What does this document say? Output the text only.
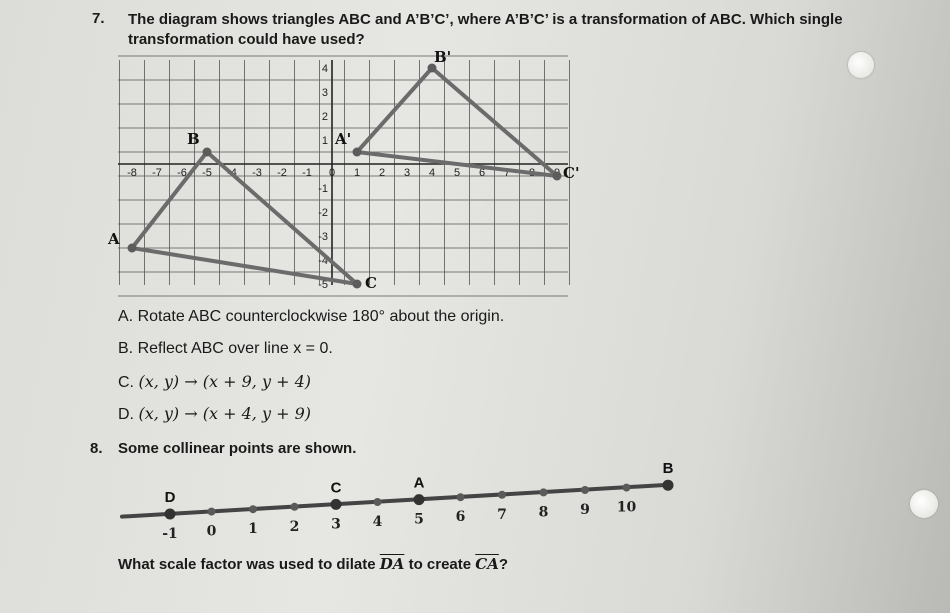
7. The diagram shows triangles ABC and A’B’C’, where A’B’C’ is a transformation of ABC. Which single transformation could have used?
-8 -7 -6 -5 -4 -3 -2 -1 0 1 2 3 4 5 6 7 8
4
3
2
1
-1
-2
-3
-4
-5
A
B
C
A'
B'
C'
A. Rotate ABC counterclockwise 180° about the origin.
B. Reflect ABC over line x = 0.
C. (x, y) → (x + 9, y + 4)
D. (x, y) → (x + 4, y + 9)
8. Some collinear points are shown.
-1 0 1 2 3 4 5 6 7 8 9 10
D
C	A
B
What scale factor was used to dilate $\overline{DA}$ to create $\overline{CA}$?
